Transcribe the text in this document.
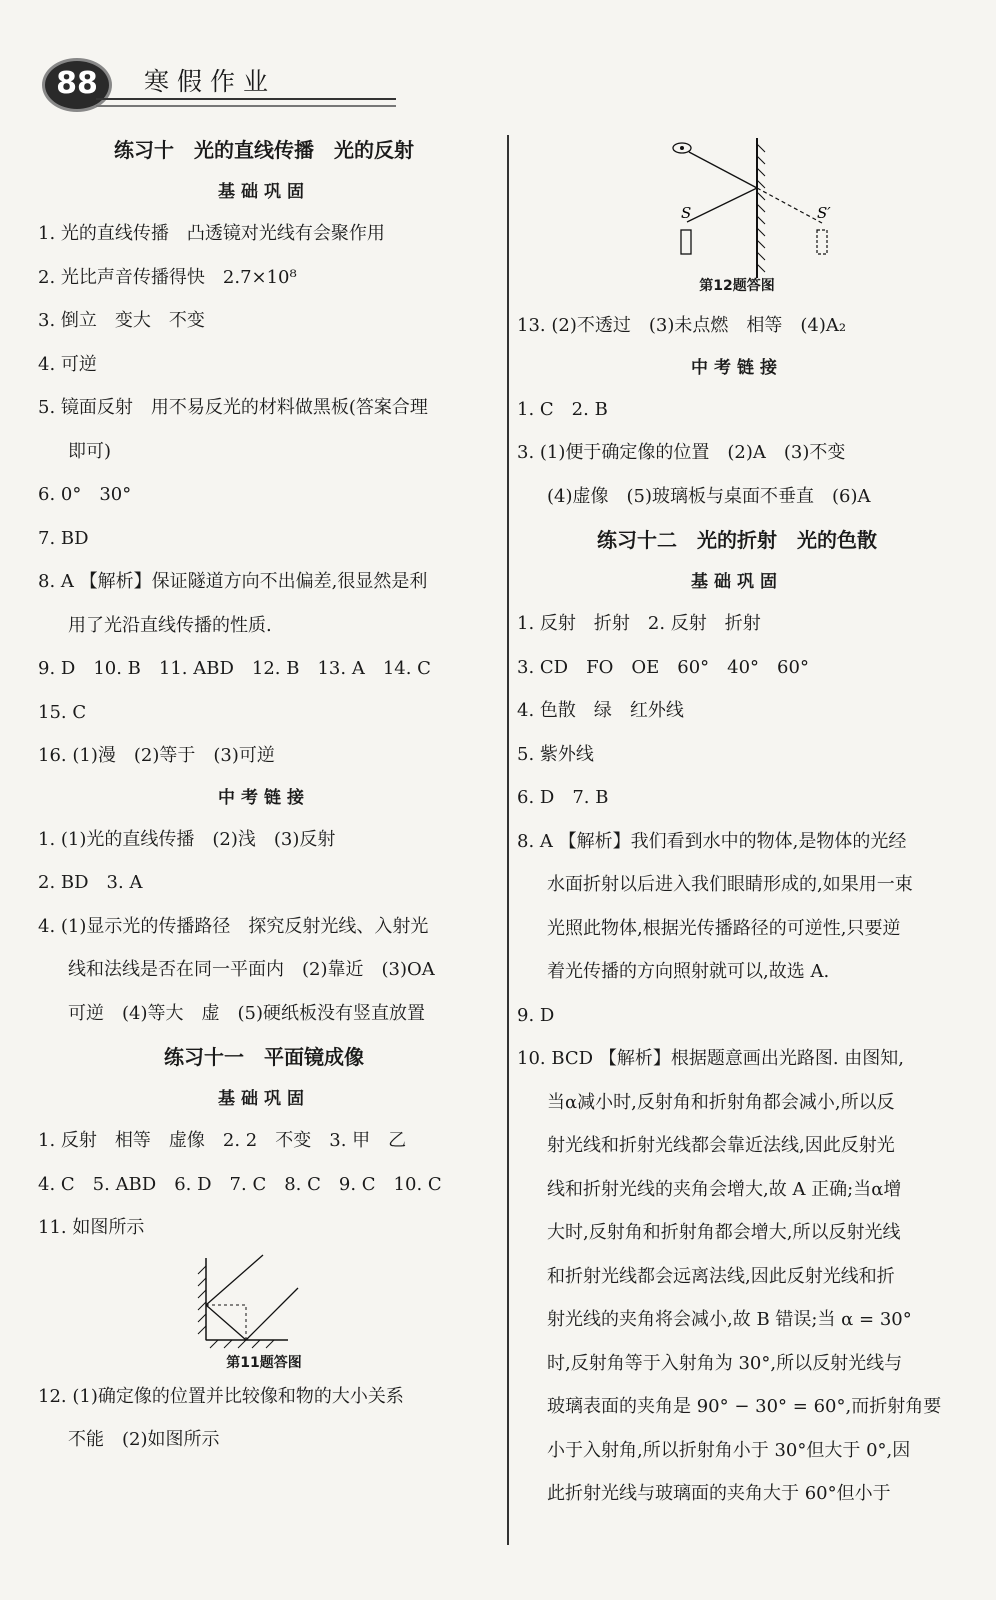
88	寒假作业
练习十　光的直线传播　光的反射
基础巩固
1. 光的直线传播　凸透镜对光线有会聚作用
2. 光比声音传播得快　2.7×10⁸
3. 倒立　变大　不变
4. 可逆
5. 镜面反射　用不易反光的材料做黑板(答案合理
即可)
6. 0°　30°
7. BD
8. A 【解析】保证隧道方向不出偏差,很显然是利
用了光沿直线传播的性质.
9. D　10. B　11. ABD　12. B　13. A　14. C
15. C
16. (1)漫　(2)等于　(3)可逆
中考链接
1. (1)光的直线传播　(2)浅　(3)反射
2. BD　3. A
4. (1)显示光的传播路径　探究反射光线、入射光
线和法线是否在同一平面内　(2)靠近　(3)OA
可逆　(4)等大　虚　(5)硬纸板没有竖直放置
练习十一　平面镜成像
基础巩固
1. 反射　相等　虚像　2. 2　不变　3. 甲　乙
4. C　5. ABD　6. D　7. C　8. C　9. C　10. C
11. 如图所示
第11题答图
12. (1)确定像的位置并比较像和物的大小关系
不能　(2)如图所示
S	S′
第12题答图
13. (2)不透过　(3)未点燃　相等　(4)A₂
中考链接
1. C　2. B
3. (1)便于确定像的位置　(2)A　(3)不变
(4)虚像　(5)玻璃板与桌面不垂直　(6)A
练习十二　光的折射　光的色散
基础巩固
1. 反射　折射　2. 反射　折射
3. CD　FO　OE　60°　40°　60°
4. 色散　绿　红外线
5. 紫外线
6. D　7. B
8. A 【解析】我们看到水中的物体,是物体的光经
水面折射以后进入我们眼睛形成的,如果用一束
光照此物体,根据光传播路径的可逆性,只要逆
着光传播的方向照射就可以,故选 A.
9. D
10. BCD 【解析】根据题意画出光路图. 由图知,
当α减小时,反射角和折射角都会减小,所以反
射光线和折射光线都会靠近法线,因此反射光
线和折射光线的夹角会增大,故 A 正确;当α增
大时,反射角和折射角都会增大,所以反射光线
和折射光线都会远离法线,因此反射光线和折
射光线的夹角将会减小,故 B 错误;当 α = 30°
时,反射角等于入射角为 30°,所以反射光线与
玻璃表面的夹角是 90° − 30° = 60°,而折射角要
小于入射角,所以折射角小于 30°但大于 0°,因
此折射光线与玻璃面的夹角大于 60°但小于
